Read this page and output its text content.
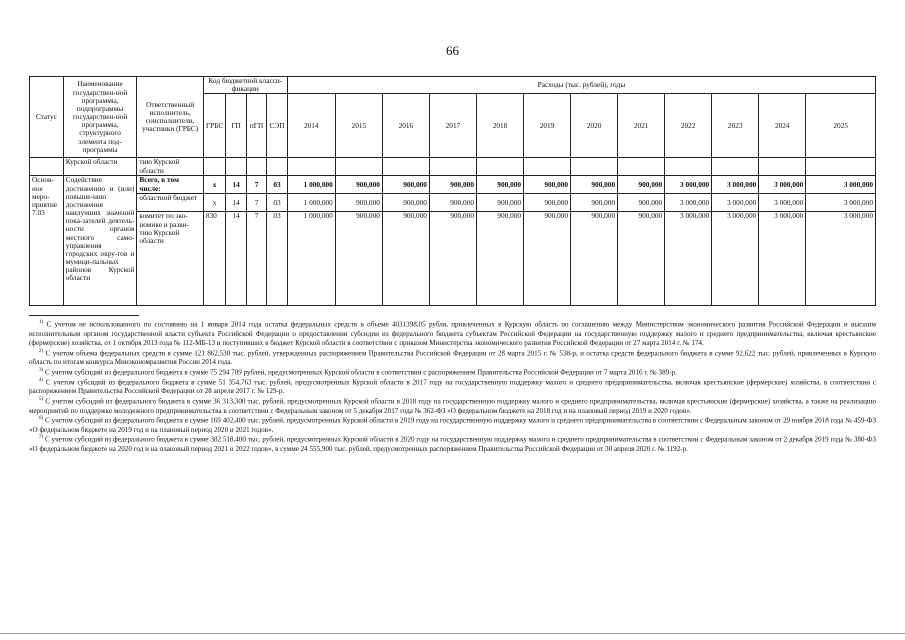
66
Статус	Наименование государствен-ной программы, подпрограммы государствен-ной программы, структурного элемента под-программы	Ответственный исполнитель, соисполнители, участники (ГРБС)	Код бюджетной класси-фикации				Расходы (тыс. рублей), годы											
			ГРБС	ГП	пГП	СЭП	2014	2015	2016	2017	2018	2019	2020	2021	2022	2023	2024	2025
	Курской области	тию Курской области																
Основ-ное меро-приятие 7.03	Содействие достижению и (или) повыше-нию достижения наилучших значений пока-зателей деятель-ности органов местного само-управления городских окру-гов и муници-пальных районов Курской области	Всего, в том числе:	х	14	7	03	1 000,000	900,000	900,000	900,000	900,000	900,000	900,000	900,000	3 000,000	3 000,000	3 000,000	3 000,000
		областной бюджет	х	14	7	03	1 000,000	900,000	900,000	900,000	900,000	900,000	900,000	900,000	3 000,000	3 000,000	3 000,000	3 000,000
		комитет по эко-номике и разви-тию Курской области	830	14	7	03	1 000,000	900,000	900,000	900,000	900,000	900,000	900,000	900,000	3 000,000	3 000,000	3 000,000	3 000,000

$^{1)}$ С учетом не использованного по состоянию на 1 января 2014 года остатка федеральных средств в объеме 4031398,05 рубля, привлеченных в Курскую область по соглашению между Министерством экономического развития Российской Федерации и высшим исполнительным органом государственной власти субъекта Российской Федерации о предоставлении субсидии из федерального бюджета субъектам Российской Федерации на государственную поддержку малого и среднего предпринимательства, включая крестьянские (фермерские) хозяйства, от 1 октября 2013 года № 112-МБ-13 и поступивших в бюджет Курской области в соответствии с приказом Министерства экономического развития Российской Федерации от 27 марта 2014 г. № 174.

$^{2)}$ С учетом объема федеральных средств в сумме 121 862,530 тыс. рублей, утвержденных распоряжением Правительства Российской Федерации от 28 марта 2015 г. № 538-р, и остатка средств федерального бюджета в сумме 92,622 тыс. рублей, привлеченных в Курскую область по итогам конкурса Минэкономразвития России 2014 года.

$^{3)}$ С учетом субсидий из федерального бюджета в сумме 75 294 789 рублей, предусмотренных Курской области в соответствии с распоряжением Правительства Российской Федерации от 7 марта 2016 г. № 389-р.

$^{4)}$ С учетом субсидий из федерального бюджета в сумме 51 354,763 тыс. рублей, предусмотренных Курской области в 2017 году на государственную поддержку малого и среднего предпринимательства, включая крестьянские (фермерские) хозяйства, в соответствии с распоряжением Правительства Российской Федерации от 28 апреля 2017 г. № 129-р.

$^{5)}$ С учетом субсидий из федерального бюджета в сумме 36 313,300 тыс. рублей, предусмотренных Курской области в 2018 году на государственную поддержку малого и среднего предпринимательства, включая крестьянские (фермерские) хозяйства, а также на реализацию мероприятий по поддержке молодежного предпринимательства в соответствии с Федеральным законом от 5 декабря 2017 года № 362-ФЗ «О федеральном бюджете на 2018 год и на плановый период 2019 и 2020 годов».

$^{6)}$ С учетом субсидий из федерального бюджета в сумме 169 402,400 тыс. рублей, предусмотренных Курской области в 2019 году на государственную поддержку малого и среднего предпринимательства в соответствии с Федеральным законом от 29 ноября 2018 года № 459-ФЗ «О федеральном бюджете на 2019 год и на плановый период 2020 и 2021 годов».

$^{7)}$ С учетом субсидий из федерального бюджета в сумме 382 518,400 тыс. рублей, предусмотренных Курской области в 2020 году на государственную поддержку малого и среднего предпринимательства в соответствии с Федеральным законом от 2 декабря 2019 года № 380-ФЗ «О федеральном бюджете на 2020 год и на плановый период 2021 и 2022 годов», в сумме 24 555,900 тыс. рублей, предусмотренных распоряжением Правительства Российской Федерации от 30 апреля 2020 г. № 1192-р.
